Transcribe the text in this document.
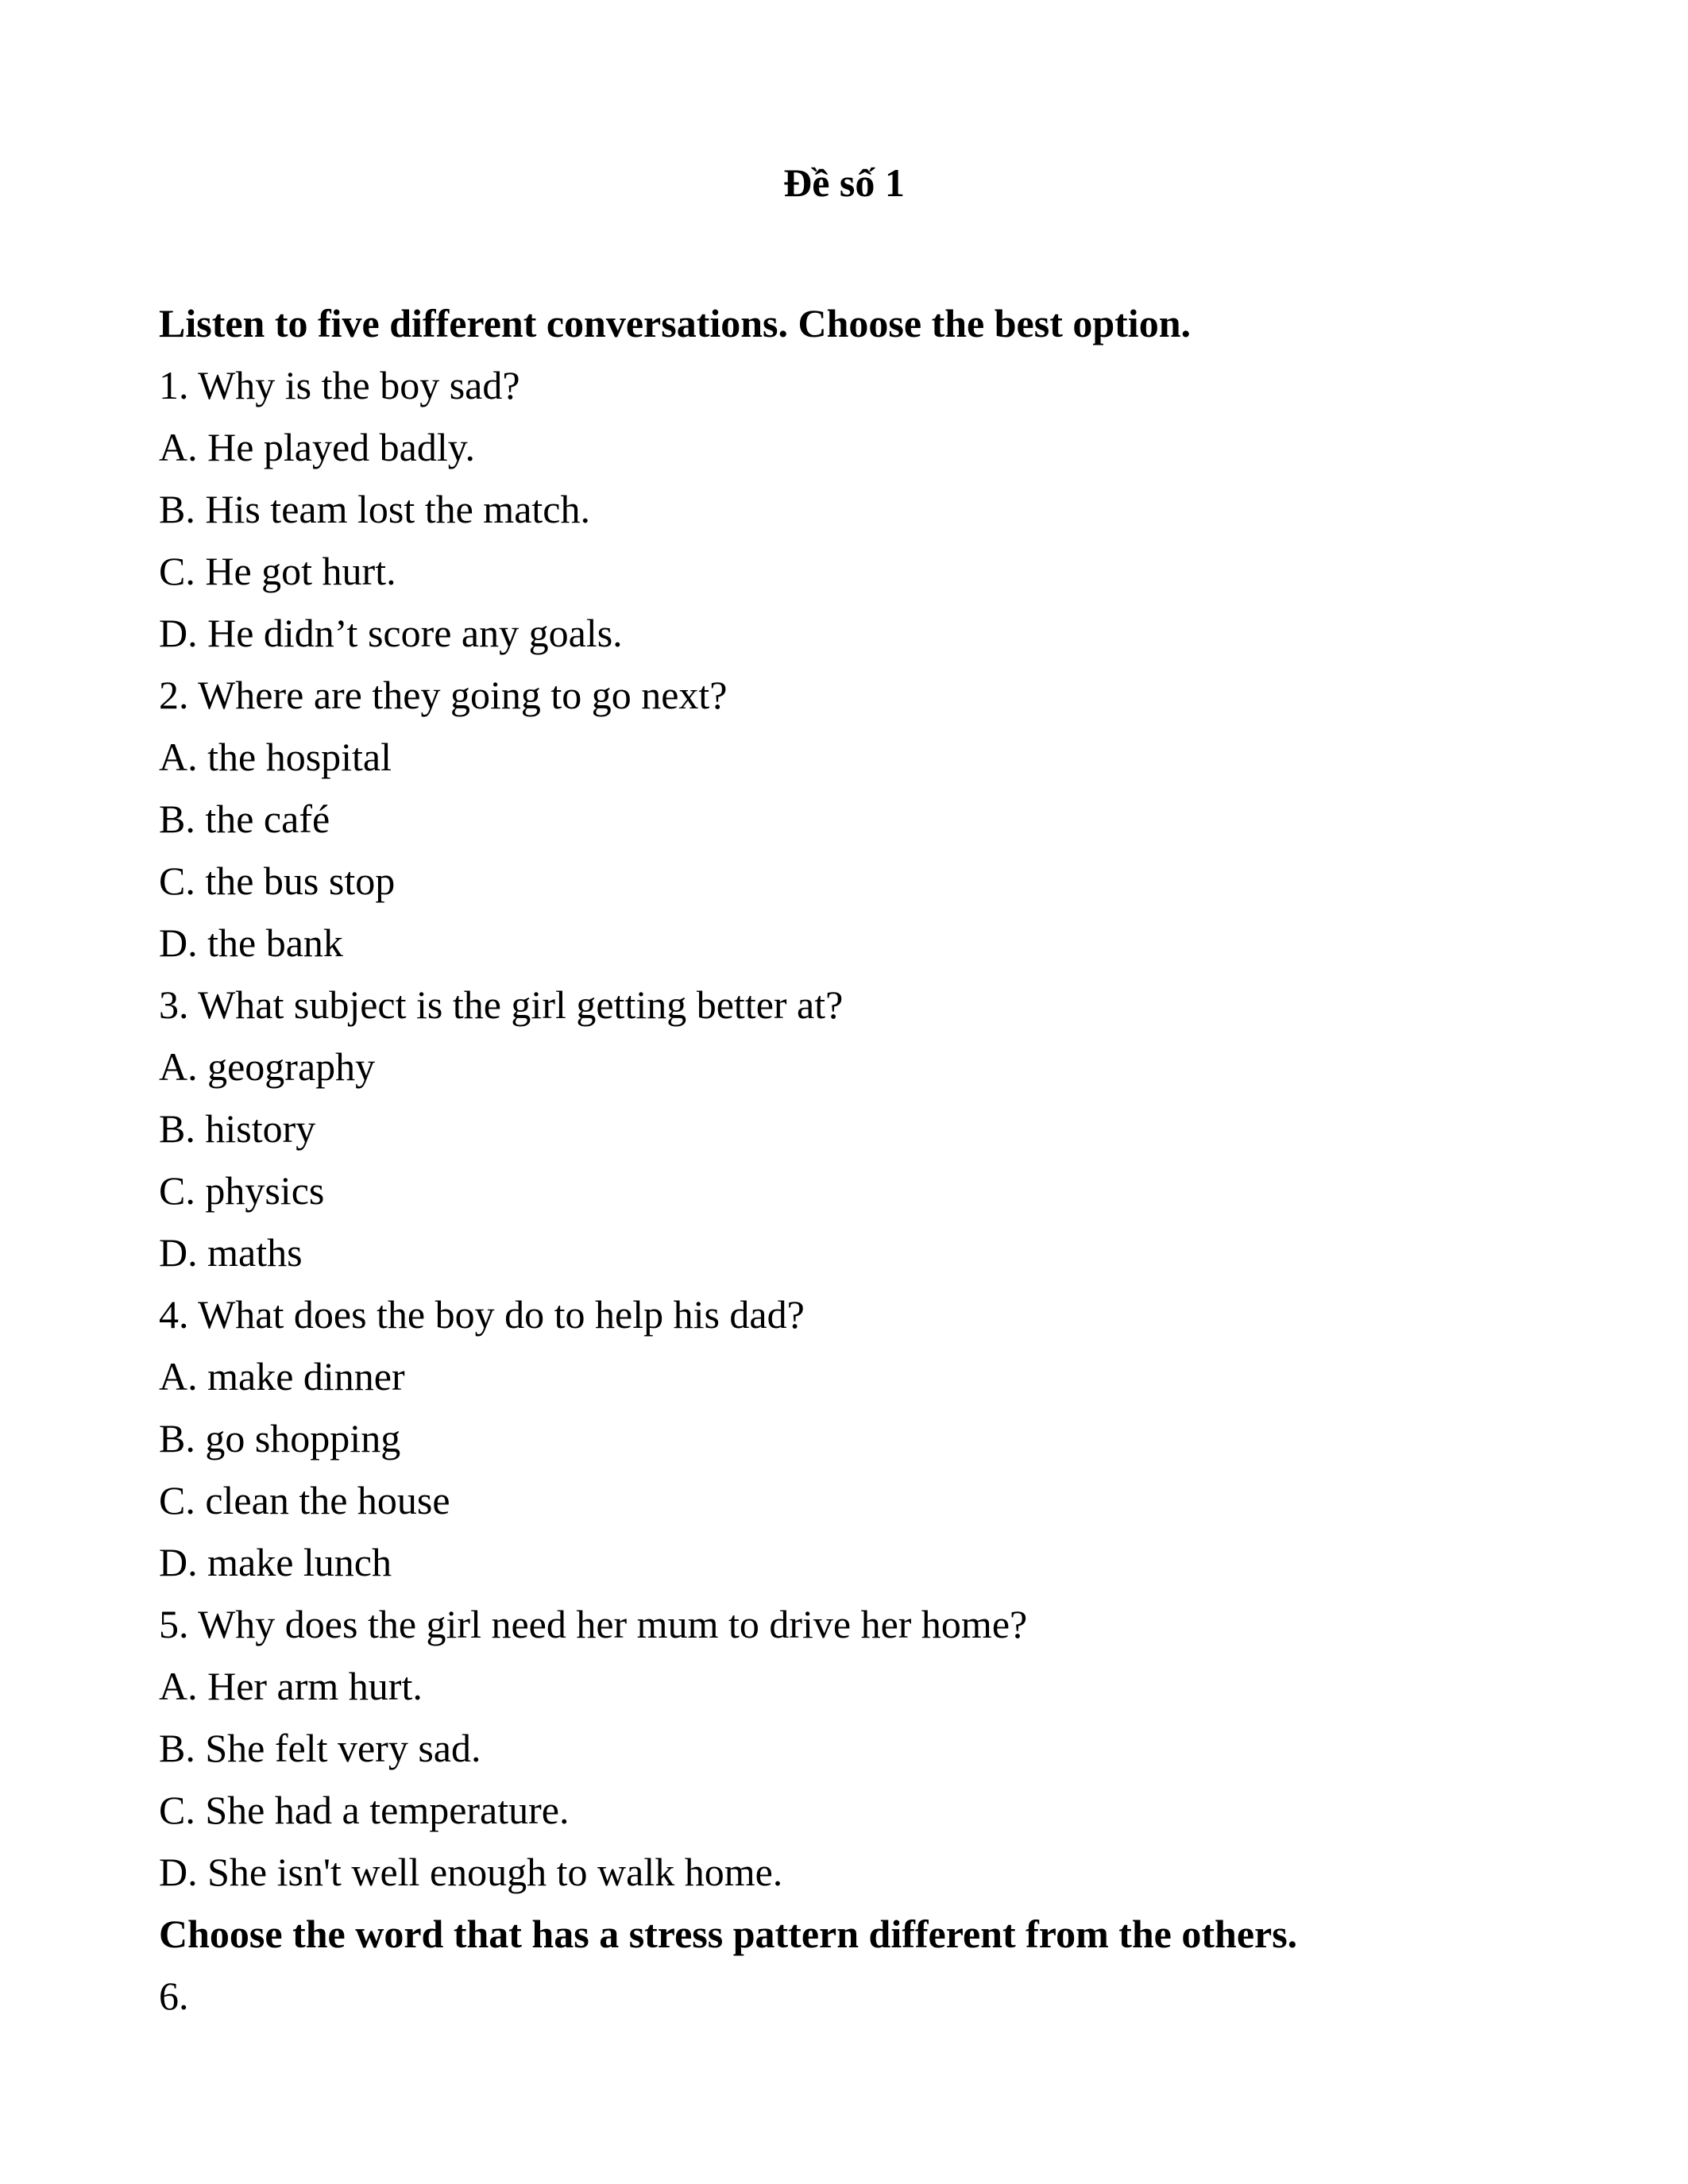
Đề số 1

Listen to five different conversations. Choose the best option.

1. Why is the boy sad?

A. He played badly.

B. His team lost the match.

C. He got hurt.

D. He didn’t score any goals.

2. Where are they going to go next?

A. the hospital

B. the café

C. the bus stop

D. the bank

3. What subject is the girl getting better at?

A. geography

B. history

C. physics

D. maths

4. What does the boy do to help his dad?

A. make dinner

B. go shopping

C. clean the house

D. make lunch

5. Why does the girl need her mum to drive her home?

A. Her arm hurt.

B. She felt very sad.

C. She had a temperature.

D. She isn't well enough to walk home.

Choose the word that has a stress pattern different from the others.

6.
